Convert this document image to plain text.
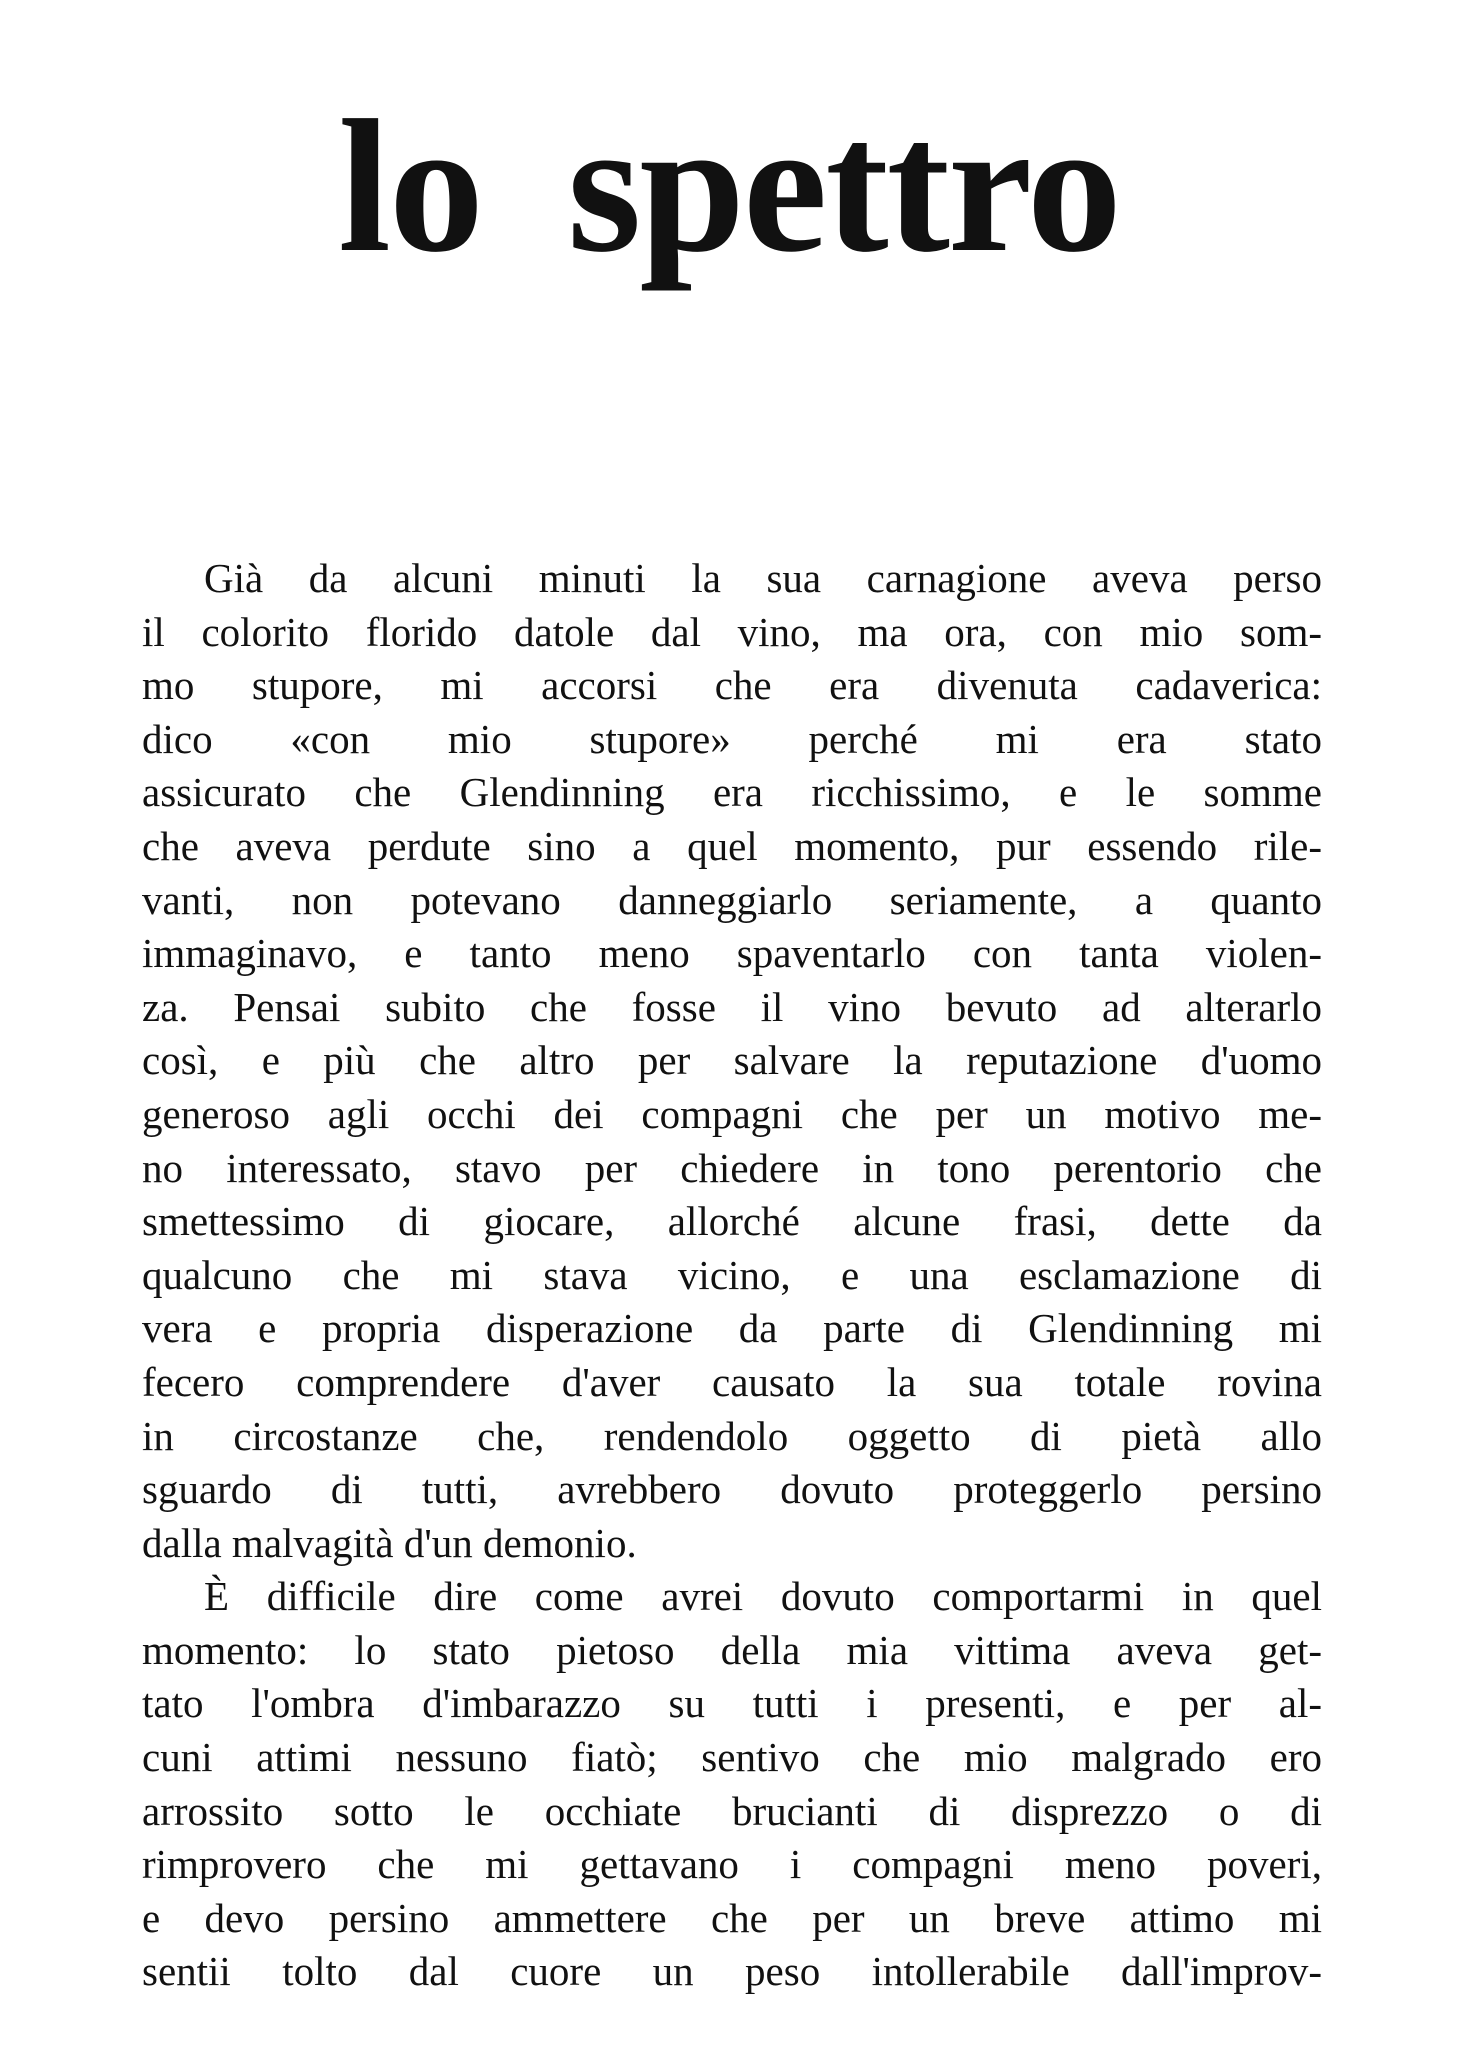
lo spettro

Già da alcuni minuti la sua carnagione aveva perso
il colorito florido datole dal vino, ma ora, con mio som-
mo stupore, mi accorsi che era divenuta cadaverica:
dico «con mio stupore» perché mi era stato
assicurato che Glendinning era ricchissimo, e le somme
che aveva perdute sino a quel momento, pur essendo rile-
vanti, non potevano danneggiarlo seriamente, a quanto
immaginavo, e tanto meno spaventarlo con tanta violen-
za. Pensai subito che fosse il vino bevuto ad alterarlo
così, e più che altro per salvare la reputazione d'uomo
generoso agli occhi dei compagni che per un motivo me-
no interessato, stavo per chiedere in tono perentorio che
smettessimo di giocare, allorché alcune frasi, dette da
qualcuno che mi stava vicino, e una esclamazione di
vera e propria disperazione da parte di Glendinning mi
fecero comprendere d'aver causato la sua totale rovina
in circostanze che, rendendolo oggetto di pietà allo
sguardo di tutti, avrebbero dovuto proteggerlo persino
dalla malvagità d'un demonio.

È difficile dire come avrei dovuto comportarmi in quel
momento: lo stato pietoso della mia vittima aveva get-
tato l'ombra d'imbarazzo su tutti i presenti, e per al-
cuni attimi nessuno fiatò; sentivo che mio malgrado ero
arrossito sotto le occhiate brucianti di disprezzo o di
rimprovero che mi gettavano i compagni meno poveri,
e devo persino ammettere che per un breve attimo mi
sentii tolto dal cuore un peso intollerabile dall'improv-
